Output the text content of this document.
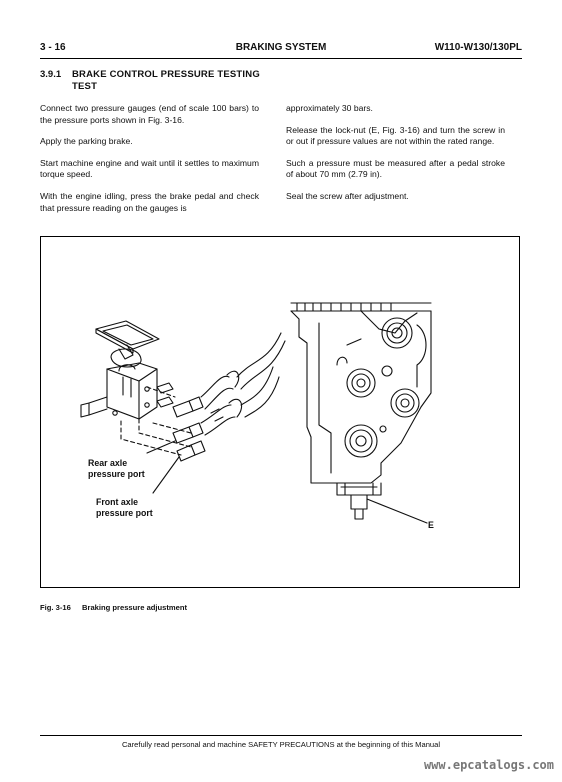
3 - 16	BRAKING SYSTEM	W110-W130/130PL
3.9.1 BRAKE CONTROL PRESSURE TESTING TEST

Connect two pressure gauges (end of scale 100 bars) to the pressure ports shown in Fig. 3-16.

Apply the parking brake.

Start machine engine and wait until it settles to maximum torque speed.

With the engine idling, press the brake pedal and check that pressure reading on the gauges is

approximately 30 bars.

Release the lock-nut (E, Fig. 3-16) and turn the screw in or out if pressure values are not within the rated range.

Such a pressure must be measured after a pedal stroke of about 70 mm (2.79 in).

Seal the screw after adjustment.

Rear axle
pressure port
Front axle
pressure port
E
Fig. 3-16 Braking pressure adjustment
Carefully read personal and machine SAFETY PRECAUTIONS at the beginning of this Manual
www.epcatalogs.com
